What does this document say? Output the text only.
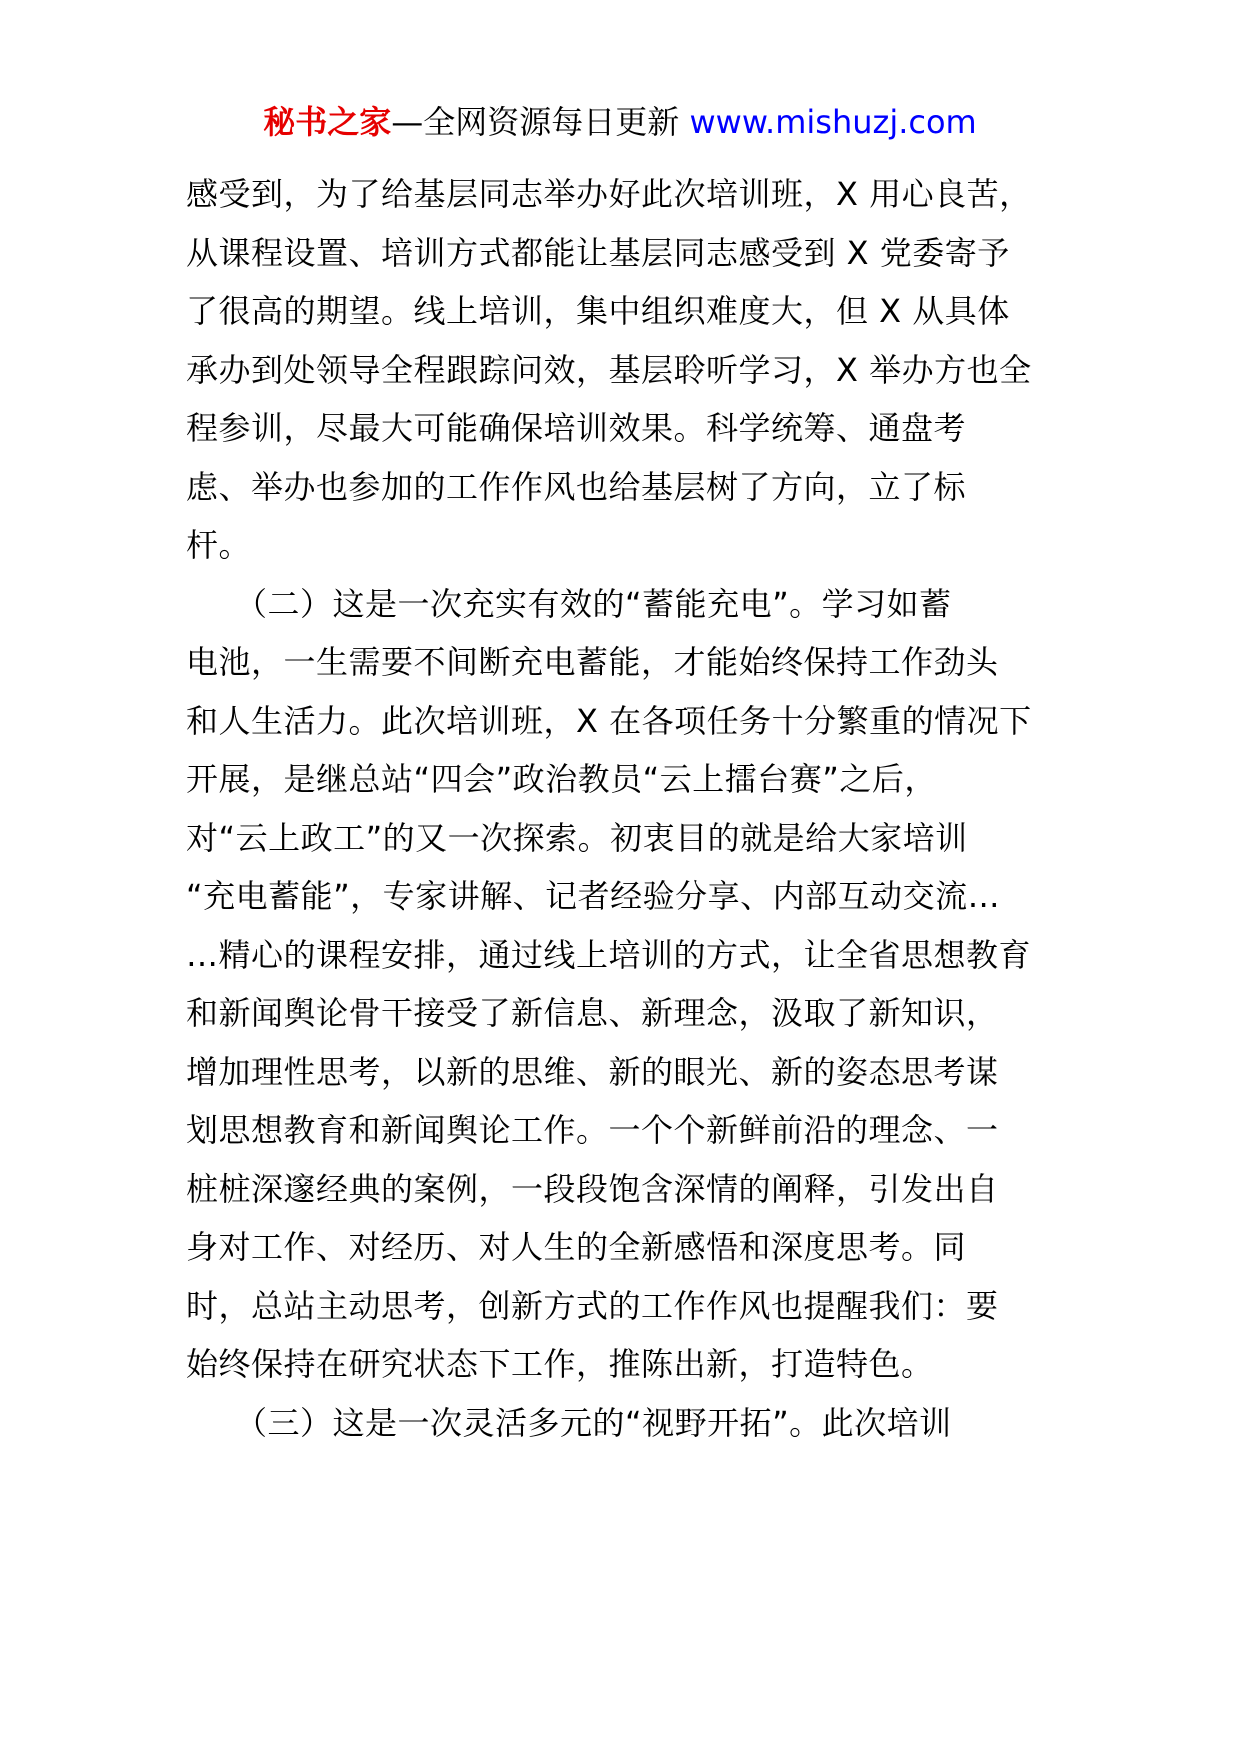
秘书之家—全网资源每日更新 www.mishuzj.com
感受到，为了给基层同志举办好此次培训班，X 用心良苦，
从课程设置、培训方式都能让基层同志感受到 X 党委寄予
了很高的期望。线上培训，集中组织难度大，但 X 从具体
承办到处领导全程跟踪问效，基层聆听学习，X 举办方也全
程参训，尽最大可能确保培训效果。科学统筹、通盘考
虑、举办也参加的工作作风也给基层树了方向，立了标
杆。
　　（二）这是一次充实有效的“蓄能充电”。学习如蓄
电池，一生需要不间断充电蓄能，才能始终保持工作劲头
和人生活力。此次培训班，X 在各项任务十分繁重的情况下
开展，是继总站“四会”政治教员“云上擂台赛”之后，
对“云上政工”的又一次探索。初衷目的就是给大家培训
“充电蓄能”，专家讲解、记者经验分享、内部互动交流…
…精心的课程安排，通过线上培训的方式，让全省思想教育
和新闻舆论骨干接受了新信息、新理念，汲取了新知识，
增加理性思考，以新的思维、新的眼光、新的姿态思考谋
划思想教育和新闻舆论工作。一个个新鲜前沿的理念、一
桩桩深邃经典的案例，一段段饱含深情的阐释，引发出自
身对工作、对经历、对人生的全新感悟和深度思考。同
时，总站主动思考，创新方式的工作作风也提醒我们：要
始终保持在研究状态下工作，推陈出新，打造特色。
　　（三）这是一次灵活多元的“视野开拓”。此次培训
